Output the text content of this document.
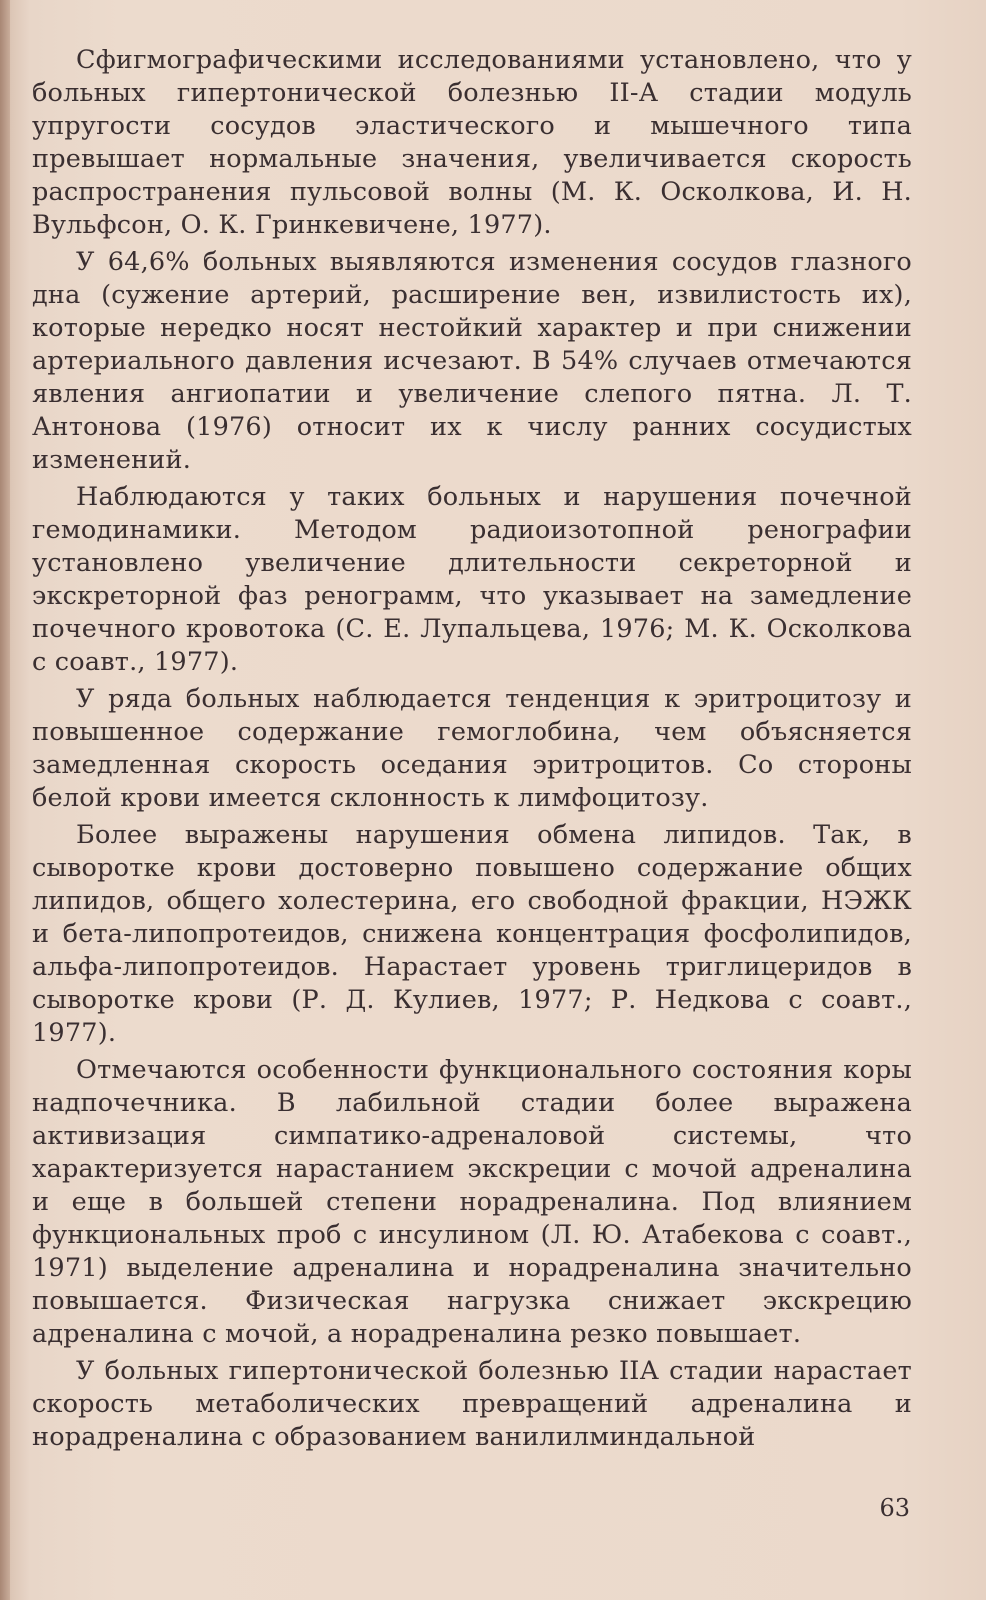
Сфигмографическими исследованиями установлено, что у больных гипертонической болезнью II-А стадии модуль упругости сосудов эластического и мышечного типа превышает нормальные значения, увеличивается скорость распространения пульсовой волны (М. К. Осколкова, И. Н. Вульфсон, О. К. Гринкевичене, 1977).

У 64,6% больных выявляются изменения сосудов глазного дна (сужение артерий, расширение вен, извилистость их), которые нередко носят нестойкий характер и при снижении артериального давления исчезают. В 54% случаев отмечаются явления ангиопатии и увеличение слепого пятна. Л. Т. Антонова (1976) относит их к числу ранних сосудистых изменений.

Наблюдаются у таких больных и нарушения почечной гемодинамики. Методом радиоизотопной ренографии установлено увеличение длительности секреторной и экскреторной фаз ренограмм, что указывает на замедление почечного кровотока (С. Е. Лупальцева, 1976; М. К. Осколкова с соавт., 1977).

У ряда больных наблюдается тенденция к эритроцитозу и повышенное содержание гемоглобина, чем объясняется замедленная скорость оседания эритроцитов. Со стороны белой крови имеется склонность к лимфоцитозу.

Более выражены нарушения обмена липидов. Так, в сыворотке крови достоверно повышено содержание общих липидов, общего холестерина, его свободной фракции, НЭЖК и бета-липопротеидов, снижена концентрация фосфолипидов, альфа-липопротеидов. Нарастает уровень триглицеридов в сыворотке крови (Р. Д. Кулиев, 1977; Р. Недкова с соавт., 1977).

Отмечаются особенности функционального состояния коры надпочечника. В лабильной стадии более выражена активизация симпатико-адреналовой системы, что характеризуется нарастанием экскреции с мочой адреналина и еще в большей степени норадреналина. Под влиянием функциональных проб с инсулином (Л. Ю. Атабекова с соавт., 1971) выделение адреналина и норадреналина значительно повышается. Физическая нагрузка снижает экскрецию адреналина с мочой, а норадреналина резко повышает.

У больных гипертонической болезнью IIА стадии нарастает скорость метаболических превращений адреналина и норадреналина с образованием ванилилминдальной

63
